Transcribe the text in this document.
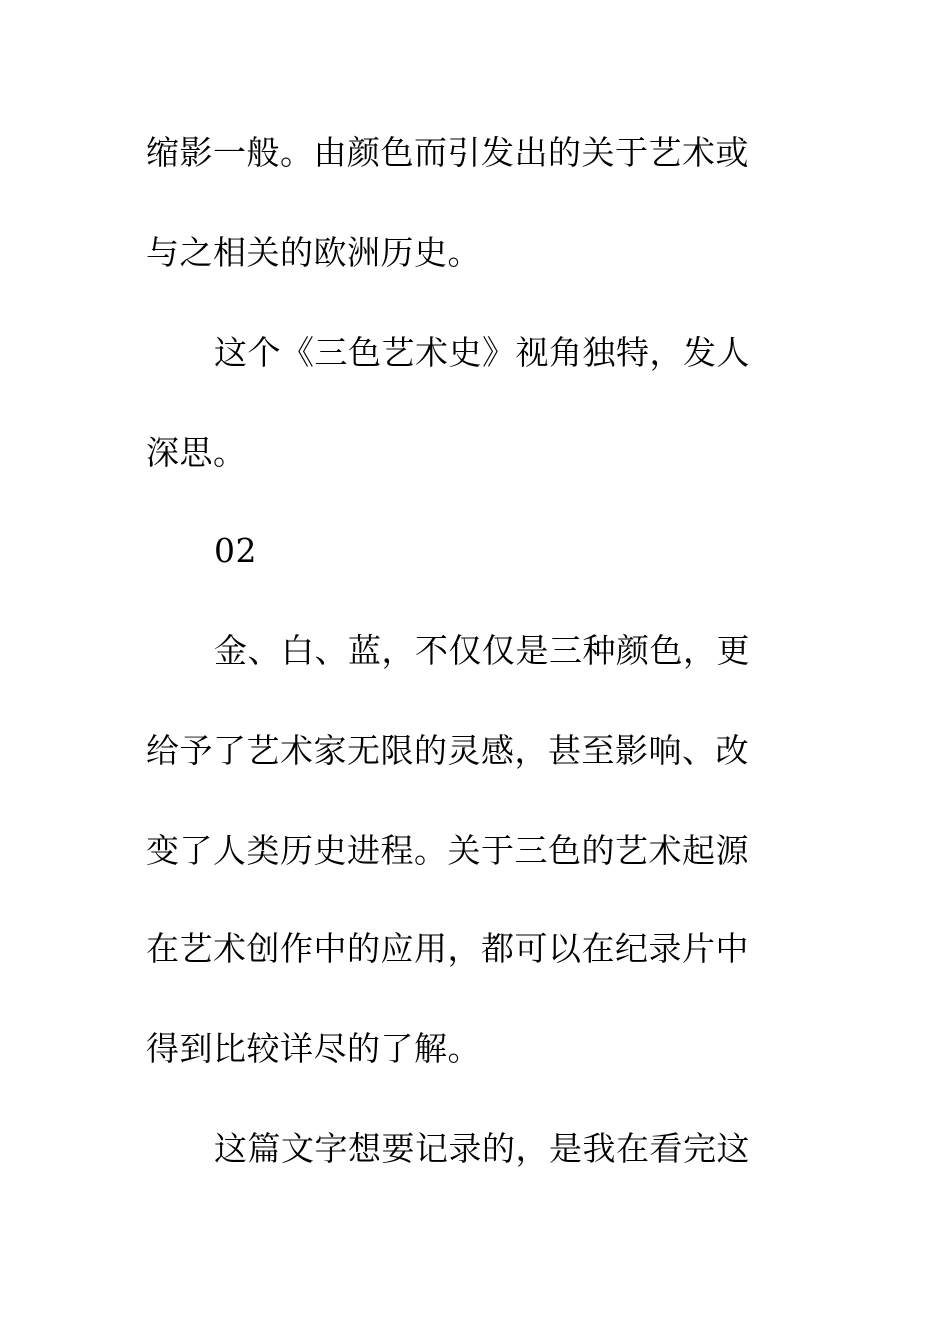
缩影一般。由颜色而引发出的关于艺术或
与之相关的欧洲历史。
这个《三色艺术史》视角独特，发人
深思。
02
金、白、蓝，不仅仅是三种颜色，更
给予了艺术家无限的灵感，甚至影响、改
变了人类历史进程。关于三色的艺术起源
在艺术创作中的应用，都可以在纪录片中
得到比较详尽的了解。
这篇文字想要记录的，是我在看完这
